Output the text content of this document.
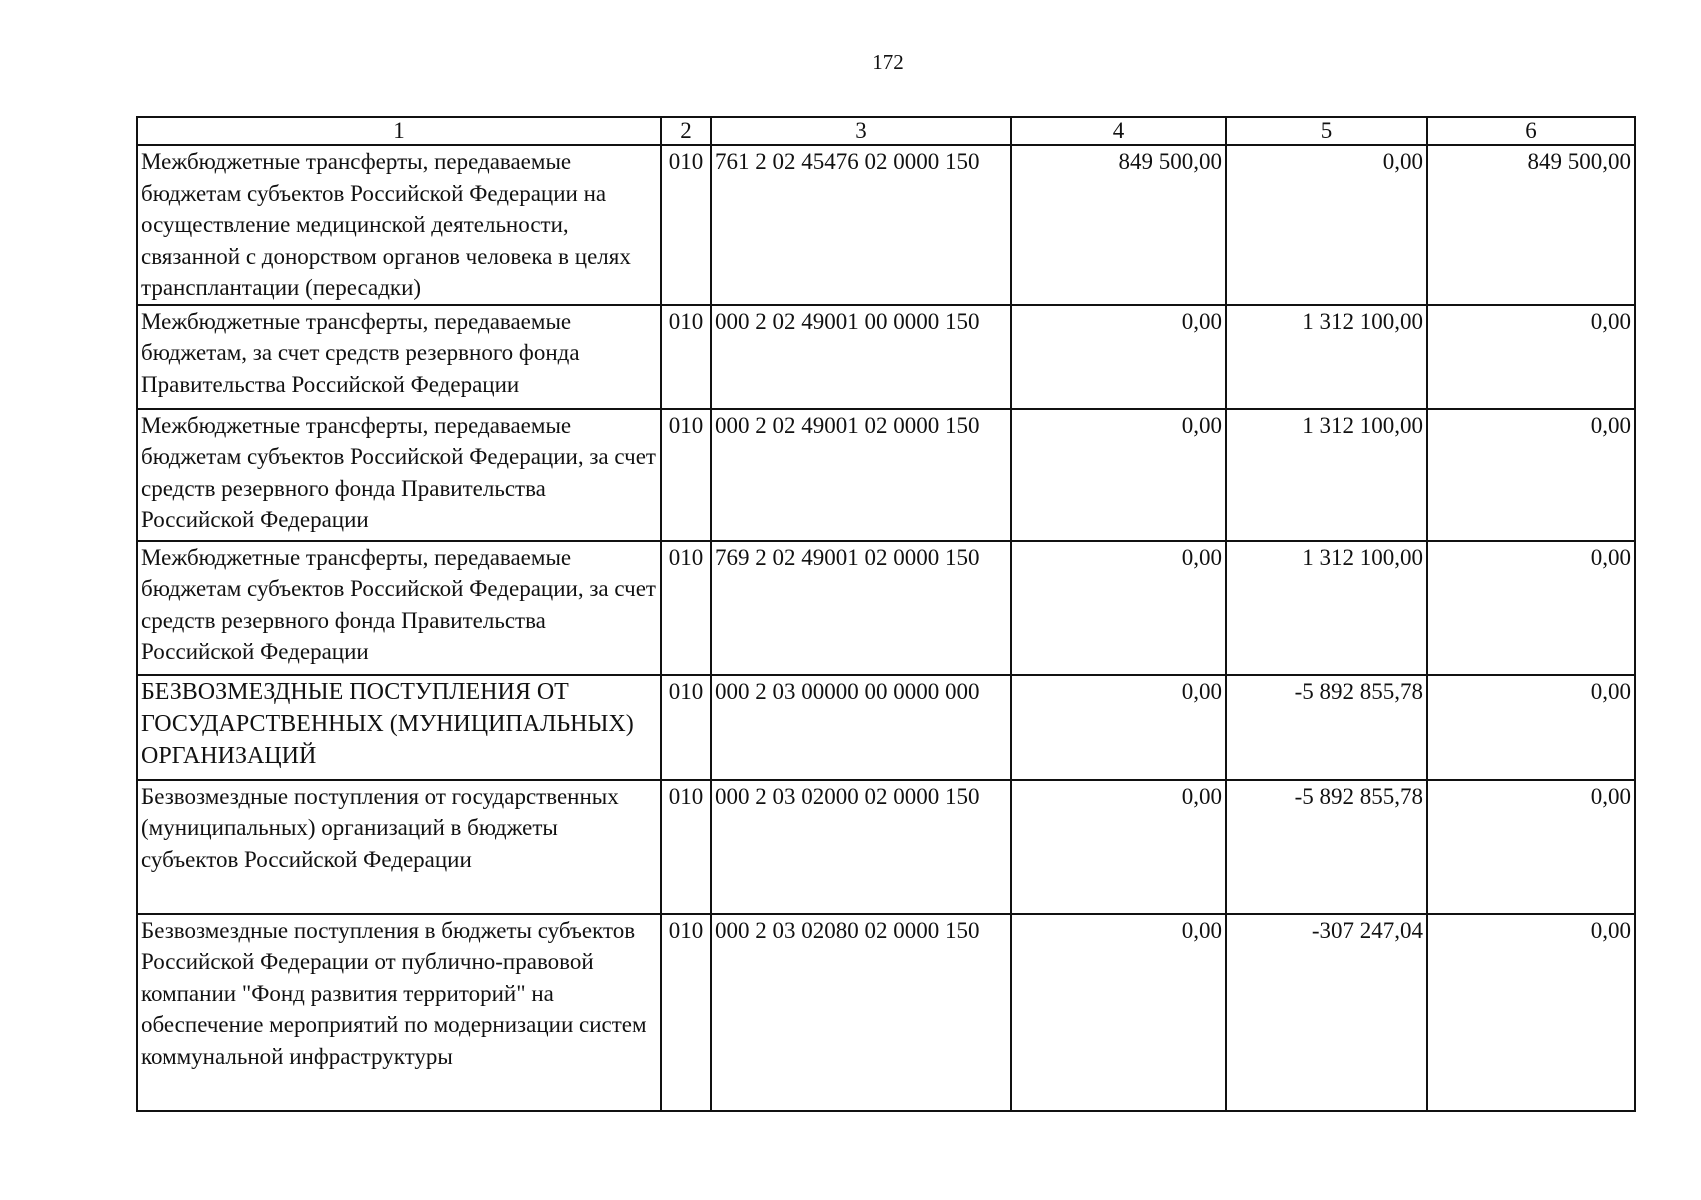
172
1	2	3	4	5	6
Межбюджетные трансферты, передаваемые бюджетам субъектов Российской Федерации на осуществление медицинской деятельности, связанной с донорством органов человека в целях трансплантации (пересадки)	010	761 2 02 45476 02 0000 150	849 500,00	0,00	849 500,00
Межбюджетные трансферты, передаваемые бюджетам, за счет средств резервного фонда Правительства Российской Федерации	010	000 2 02 49001 00 0000 150	0,00	1 312 100,00	0,00
Межбюджетные трансферты, передаваемые бюджетам субъектов Российской Федерации, за счет средств резервного фонда Правительства Российской Федерации	010	000 2 02 49001 02 0000 150	0,00	1 312 100,00	0,00
Межбюджетные трансферты, передаваемые бюджетам субъектов Российской Федерации, за счет средств резервного фонда Правительства Российской Федерации	010	769 2 02 49001 02 0000 150	0,00	1 312 100,00	0,00
БЕЗВОЗМЕЗДНЫЕ ПОСТУПЛЕНИЯ ОТ ГОСУДАРСТВЕННЫХ (МУНИЦИПАЛЬНЫХ) ОРГАНИЗАЦИЙ	010	000 2 03 00000 00 0000 000	0,00	-5 892 855,78	0,00
Безвозмездные поступления от государственных (муниципальных) организаций в бюджеты субъектов Российской Федерации	010	000 2 03 02000 02 0000 150	0,00	-5 892 855,78	0,00
Безвозмездные поступления в бюджеты субъектов Российской Федерации от публично-правовой компании "Фонд развития территорий" на обеспечение мероприятий по модернизации систем коммунальной инфраструктуры	010	000 2 03 02080 02 0000 150	0,00	-307 247,04	0,00
